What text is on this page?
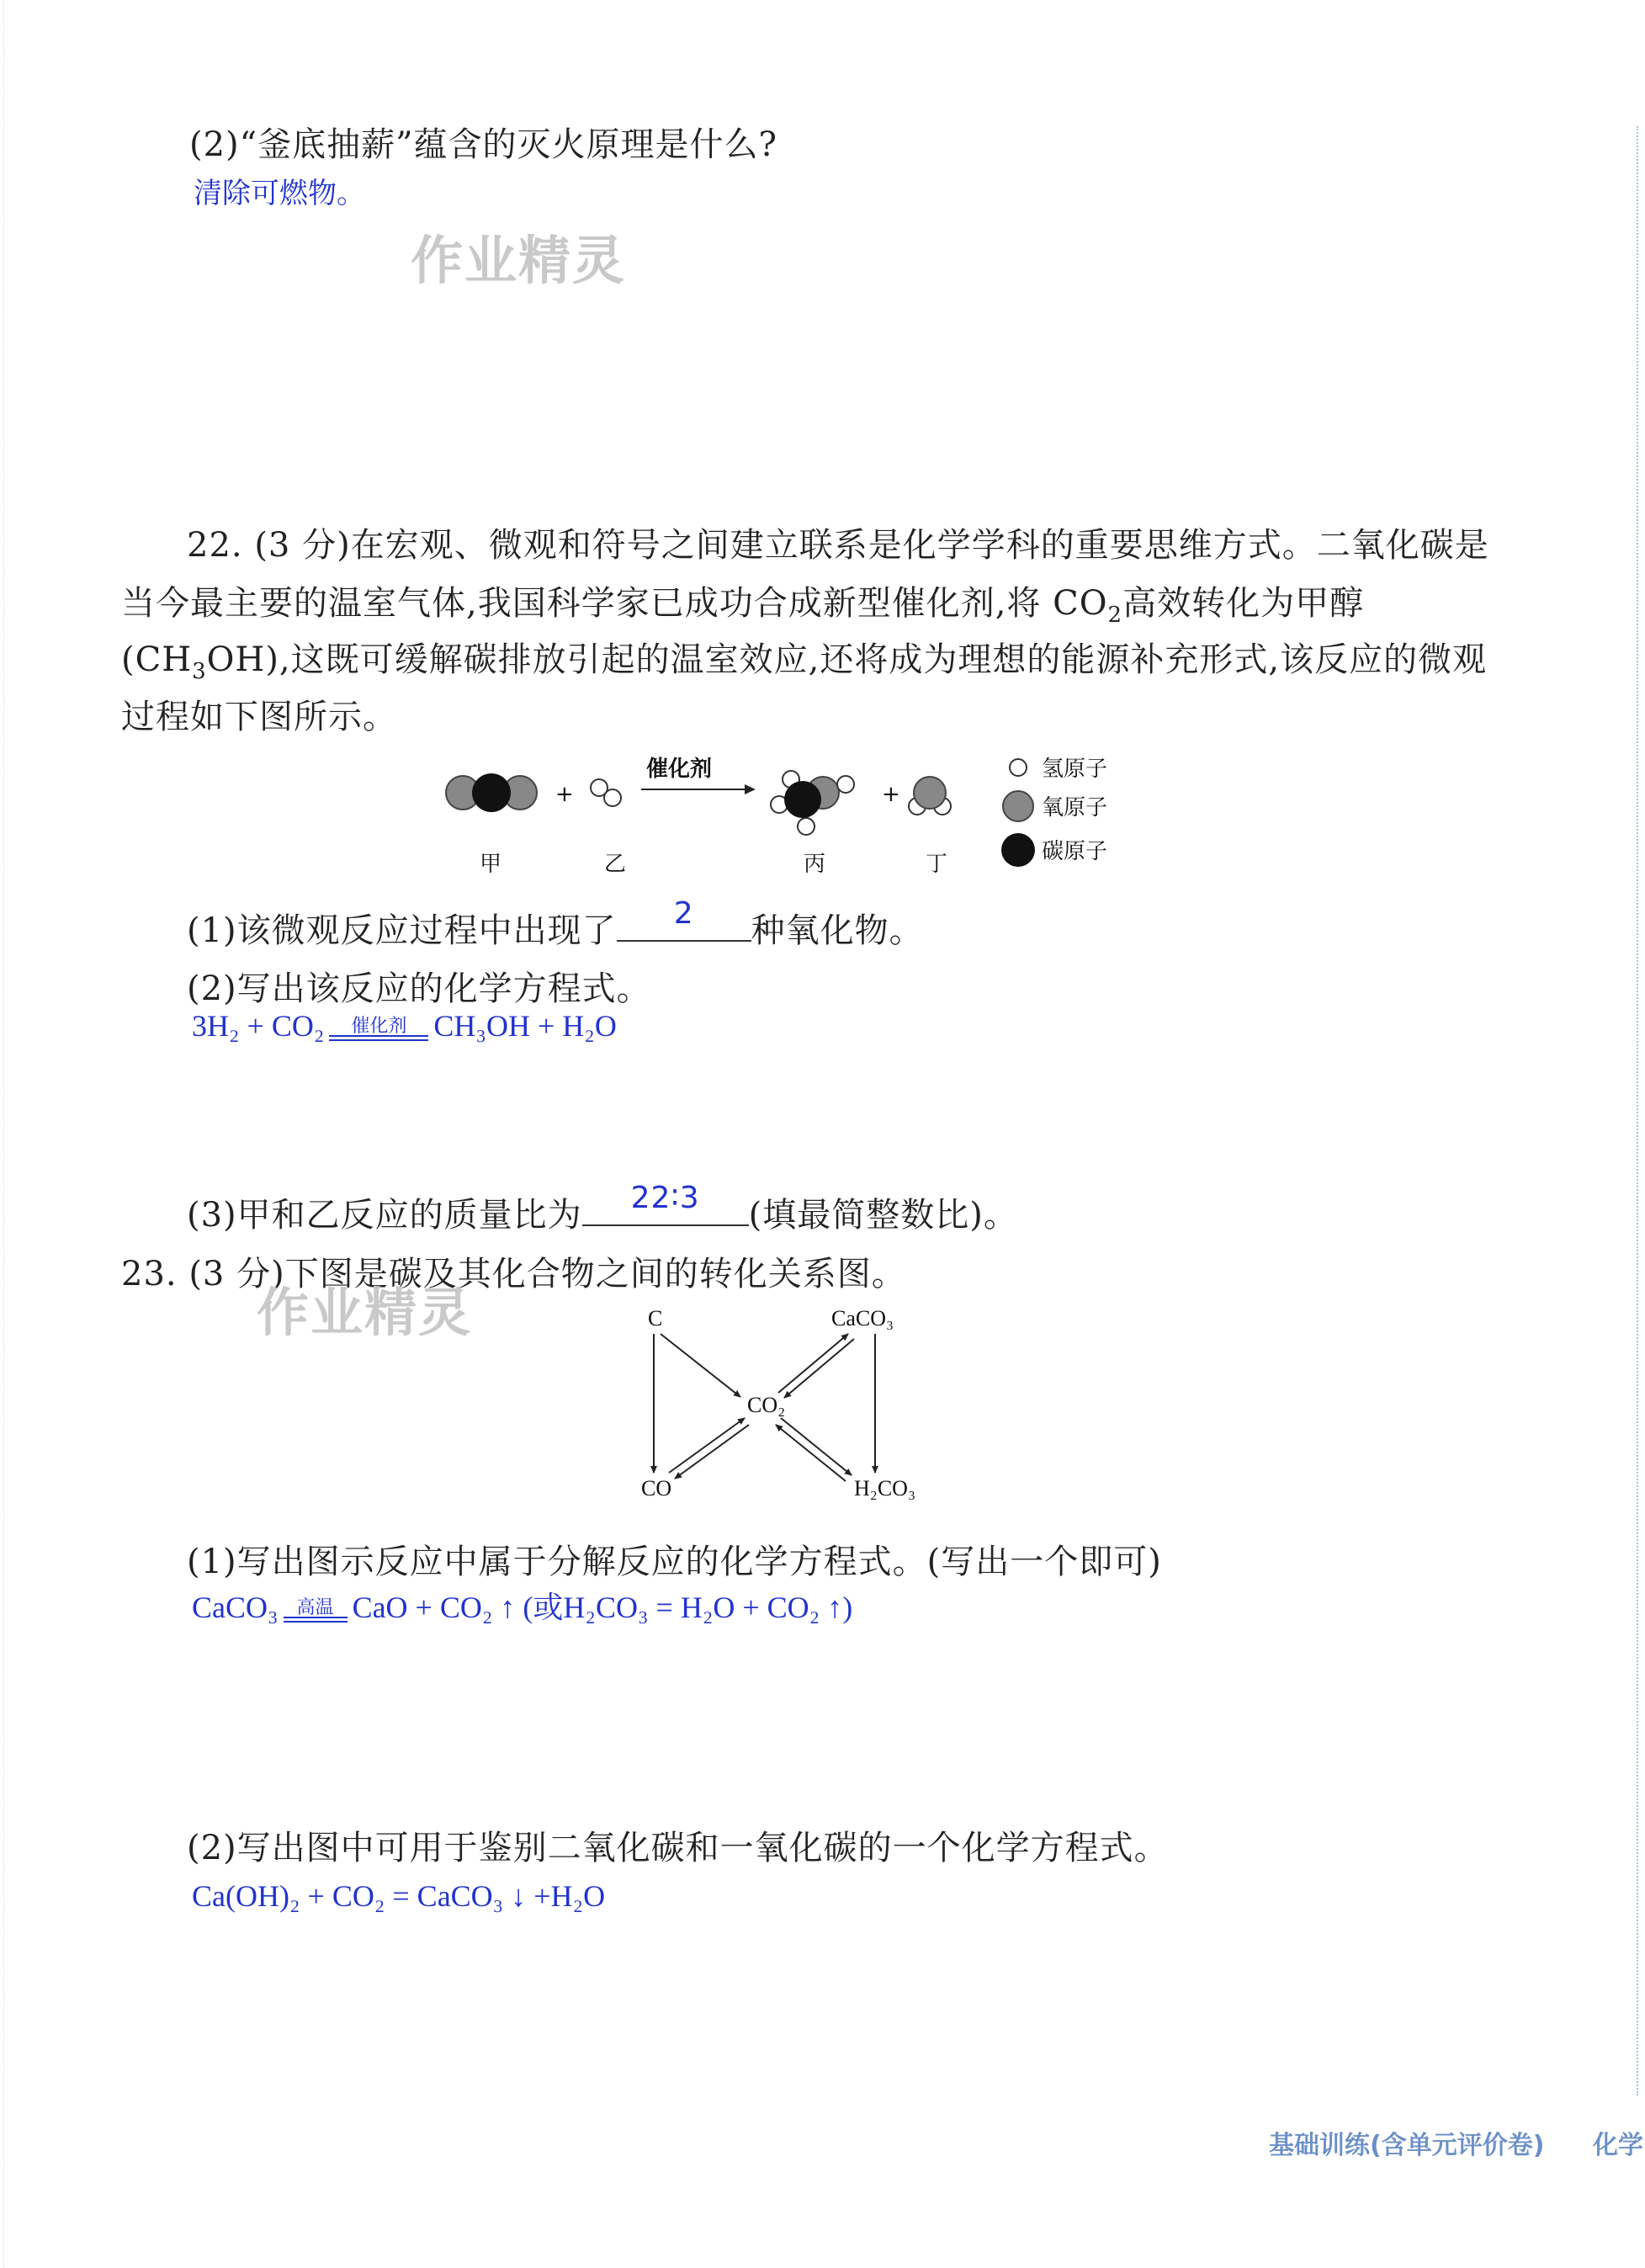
(2)“釜底抽薪”蕴含的灭火原理是什么?
清除可燃物。
作业精灵
22. (3 分)在宏观、微观和符号之间建立联系是化学学科的重要思维方式。二氧化碳是
当今最主要的温室气体,我国科学家已成功合成新型催化剂,将 $CO_2$高效转化为甲醇
$(CH_3OH)$,这既可缓解碳排放引起的温室效应,还将成为理想的能源补充形式,该反应的微观
过程如下图所示。
+
催化剂
+
甲	乙	丙	丁
氢原子
氧原子
碳原子
(1)该微观反应过程中出现了	2	种氧化物。
(2)写出该反应的化学方程式。
3H₂ + CO₂	催化剂 CH₃OH + H₂O
(3)甲和乙反应的质量比为	22∶3	(填最简整数比)。
23. (3 分)下图是碳及其化合物之间的转化关系图。
作业精灵	C	CaCO₃
CO₂
CO	H₂CO₃
(1)写出图示反应中属于分解反应的化学方程式。(写出一个即可)
CaCO₃ 高温 CaO + CO₂ ↑ (或H₂CO₃ = H₂O + CO₂ ↑)
(2)写出图中可用于鉴别二氧化碳和一氧化碳的一个化学方程式。
Ca(OH)₂ + CO₂ = CaCO₃ ↓ +H₂O
基础训练(含单元评价卷) 化学
